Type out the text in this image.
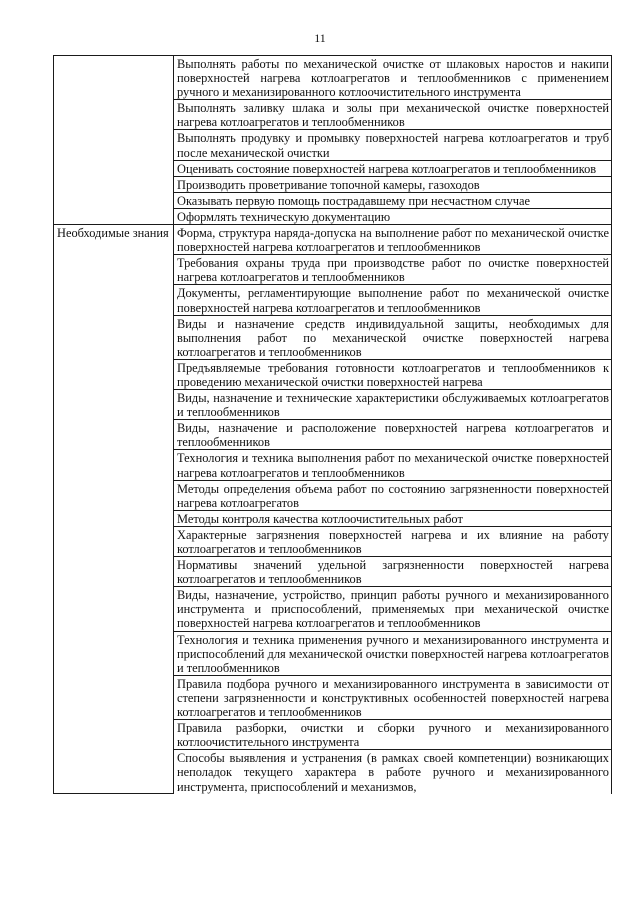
11
	Выполнять работы по механической очистке от шлаковых наростов и накипи поверхностей нагрева котлоагрегатов и теплообменников с применением ручного и механизированного котлоочистительного инструмента
	Выполнять заливку шлака и золы при механической очистке поверхностей нагрева котлоагрегатов и теплообменников
	Выполнять продувку и промывку поверхностей нагрева котлоагрегатов и труб после механической очистки
	Оценивать состояние поверхностей нагрева котлоагрегатов и теплообменников
	Производить проветривание топочной камеры, газоходов
	Оказывать первую помощь пострадавшему при несчастном случае
	Оформлять техническую документацию
Необходимые знания	Форма, структура наряда-допуска на выполнение работ по механической очистке поверхностей нагрева котлоагрегатов и теплообменников
	Требования охраны труда при производстве работ по очистке поверхностей нагрева котлоагрегатов и теплообменников
	Документы, регламентирующие выполнение работ по механической очистке поверхностей нагрева котлоагрегатов и теплообменников
	Виды и назначение средств индивидуальной защиты, необходимых для выполнения работ по механической очистке поверхностей нагрева котлоагрегатов и теплообменников
	Предъявляемые требования готовности котлоагрегатов и теплообменников к проведению механической очистки поверхностей нагрева
	Виды, назначение и технические характеристики обслуживаемых котлоагрегатов и теплообменников
	Виды, назначение и расположение поверхностей нагрева котлоагрегатов и теплообменников
	Технология и техника выполнения работ по механической очистке поверхностей нагрева котлоагрегатов и теплообменников
	Методы определения объема работ по состоянию загрязненности поверхностей нагрева котлоагрегатов
	Методы контроля качества котлоочистительных работ
	Характерные загрязнения поверхностей нагрева и их влияние на работу котлоагрегатов и теплообменников
	Нормативы значений удельной загрязненности поверхностей нагрева котлоагрегатов и теплообменников
	Виды, назначение, устройство, принцип работы ручного и механизированного инструмента и приспособлений, применяемых при механической очистке поверхностей нагрева котлоагрегатов и теплообменников
	Технология и техника применения ручного и механизированного инструмента и приспособлений для механической очистки поверхностей нагрева котлоагрегатов и теплообменников
	Правила подбора ручного и механизированного инструмента в зависимости от степени загрязненности и конструктивных особенностей поверхностей нагрева котлоагрегатов и теплообменников
	Правила разборки, очистки и сборки ручного и механизированного котлоочистительного инструмента
	Способы выявления и устранения (в рамках своей компетенции) возникающих неполадок текущего характера в работе ручного и механизированного инструмента, приспособлений и механизмов,
